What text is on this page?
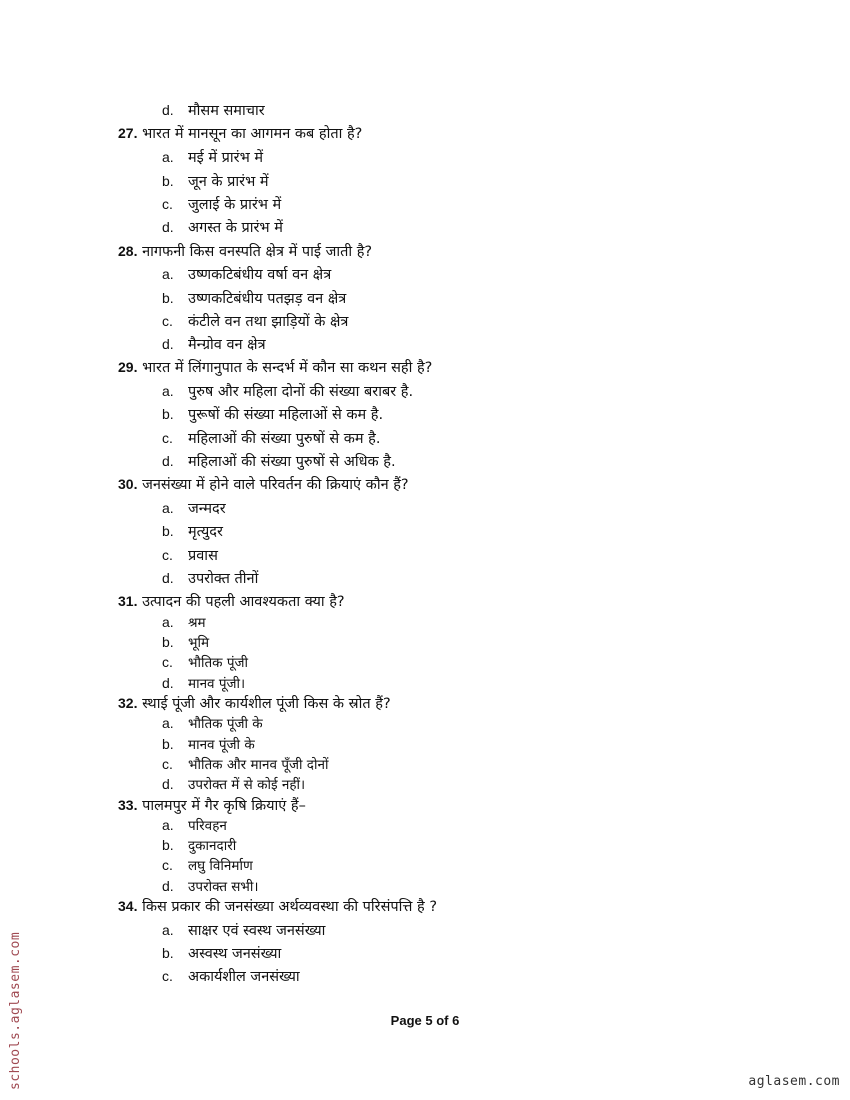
d. मौसम समाचार
27. भारत में मानसून का आगमन कब होता है?
a. मई में प्रारंभ में
b. जून के प्रारंभ में
c. जुलाई के प्रारंभ में
d. अगस्त के प्रारंभ में
28. नागफनी किस वनस्पति क्षेत्र में पाई जाती है?
a. उष्णकटिबंधीय वर्षा वन क्षेत्र
b. उष्णकटिबंधीय पतझड़ वन क्षेत्र
c. कंटीले वन तथा झाड़ियों के क्षेत्र
d. मैन्ग्रोव वन क्षेत्र
29. भारत में लिंगानुपात के सन्दर्भ में कौन सा कथन सही है?
a. पुरुष और महिला दोनों की संख्या बराबर है.
b. पुरूषों की संख्या महिलाओं से कम है.
c. महिलाओं की संख्या पुरुषों से कम है.
d. महिलाओं की संख्या पुरुषों से अधिक है.
30. जनसंख्या में होने वाले परिवर्तन की क्रियाएं कौन हैं?
a. जन्मदर
b. मृत्युदर
c. प्रवास
d. उपरोक्त तीनों
31. उत्पादन की पहली आवश्यकता क्या है?
a. श्रम
b. भूमि
c. भौतिक पूंजी
d. मानव पूंजी।
32. स्थाई पूंजी और कार्यशील पूंजी किस के स्रोत हैं?
a. भौतिक पूंजी के
b. मानव पूंजी के
c. भौतिक और मानव पूँजी दोनों
d. उपरोक्त में से कोई नहीं।
33. पालमपुर में गैर कृषि क्रियाएं हैं–
a. परिवहन
b. दुकानदारी
c. लघु विनिर्माण
d. उपरोक्त सभी।
34. किस प्रकार की जनसंख्या अर्थव्यवस्था की परिसंपत्ति है ?
a. साक्षर एवं स्वस्थ जनसंख्या
b. अस्वस्थ जनसंख्या
c. अकार्यशील जनसंख्या
Page 5 of 6
schools.aglasem.com	aglasem.com
